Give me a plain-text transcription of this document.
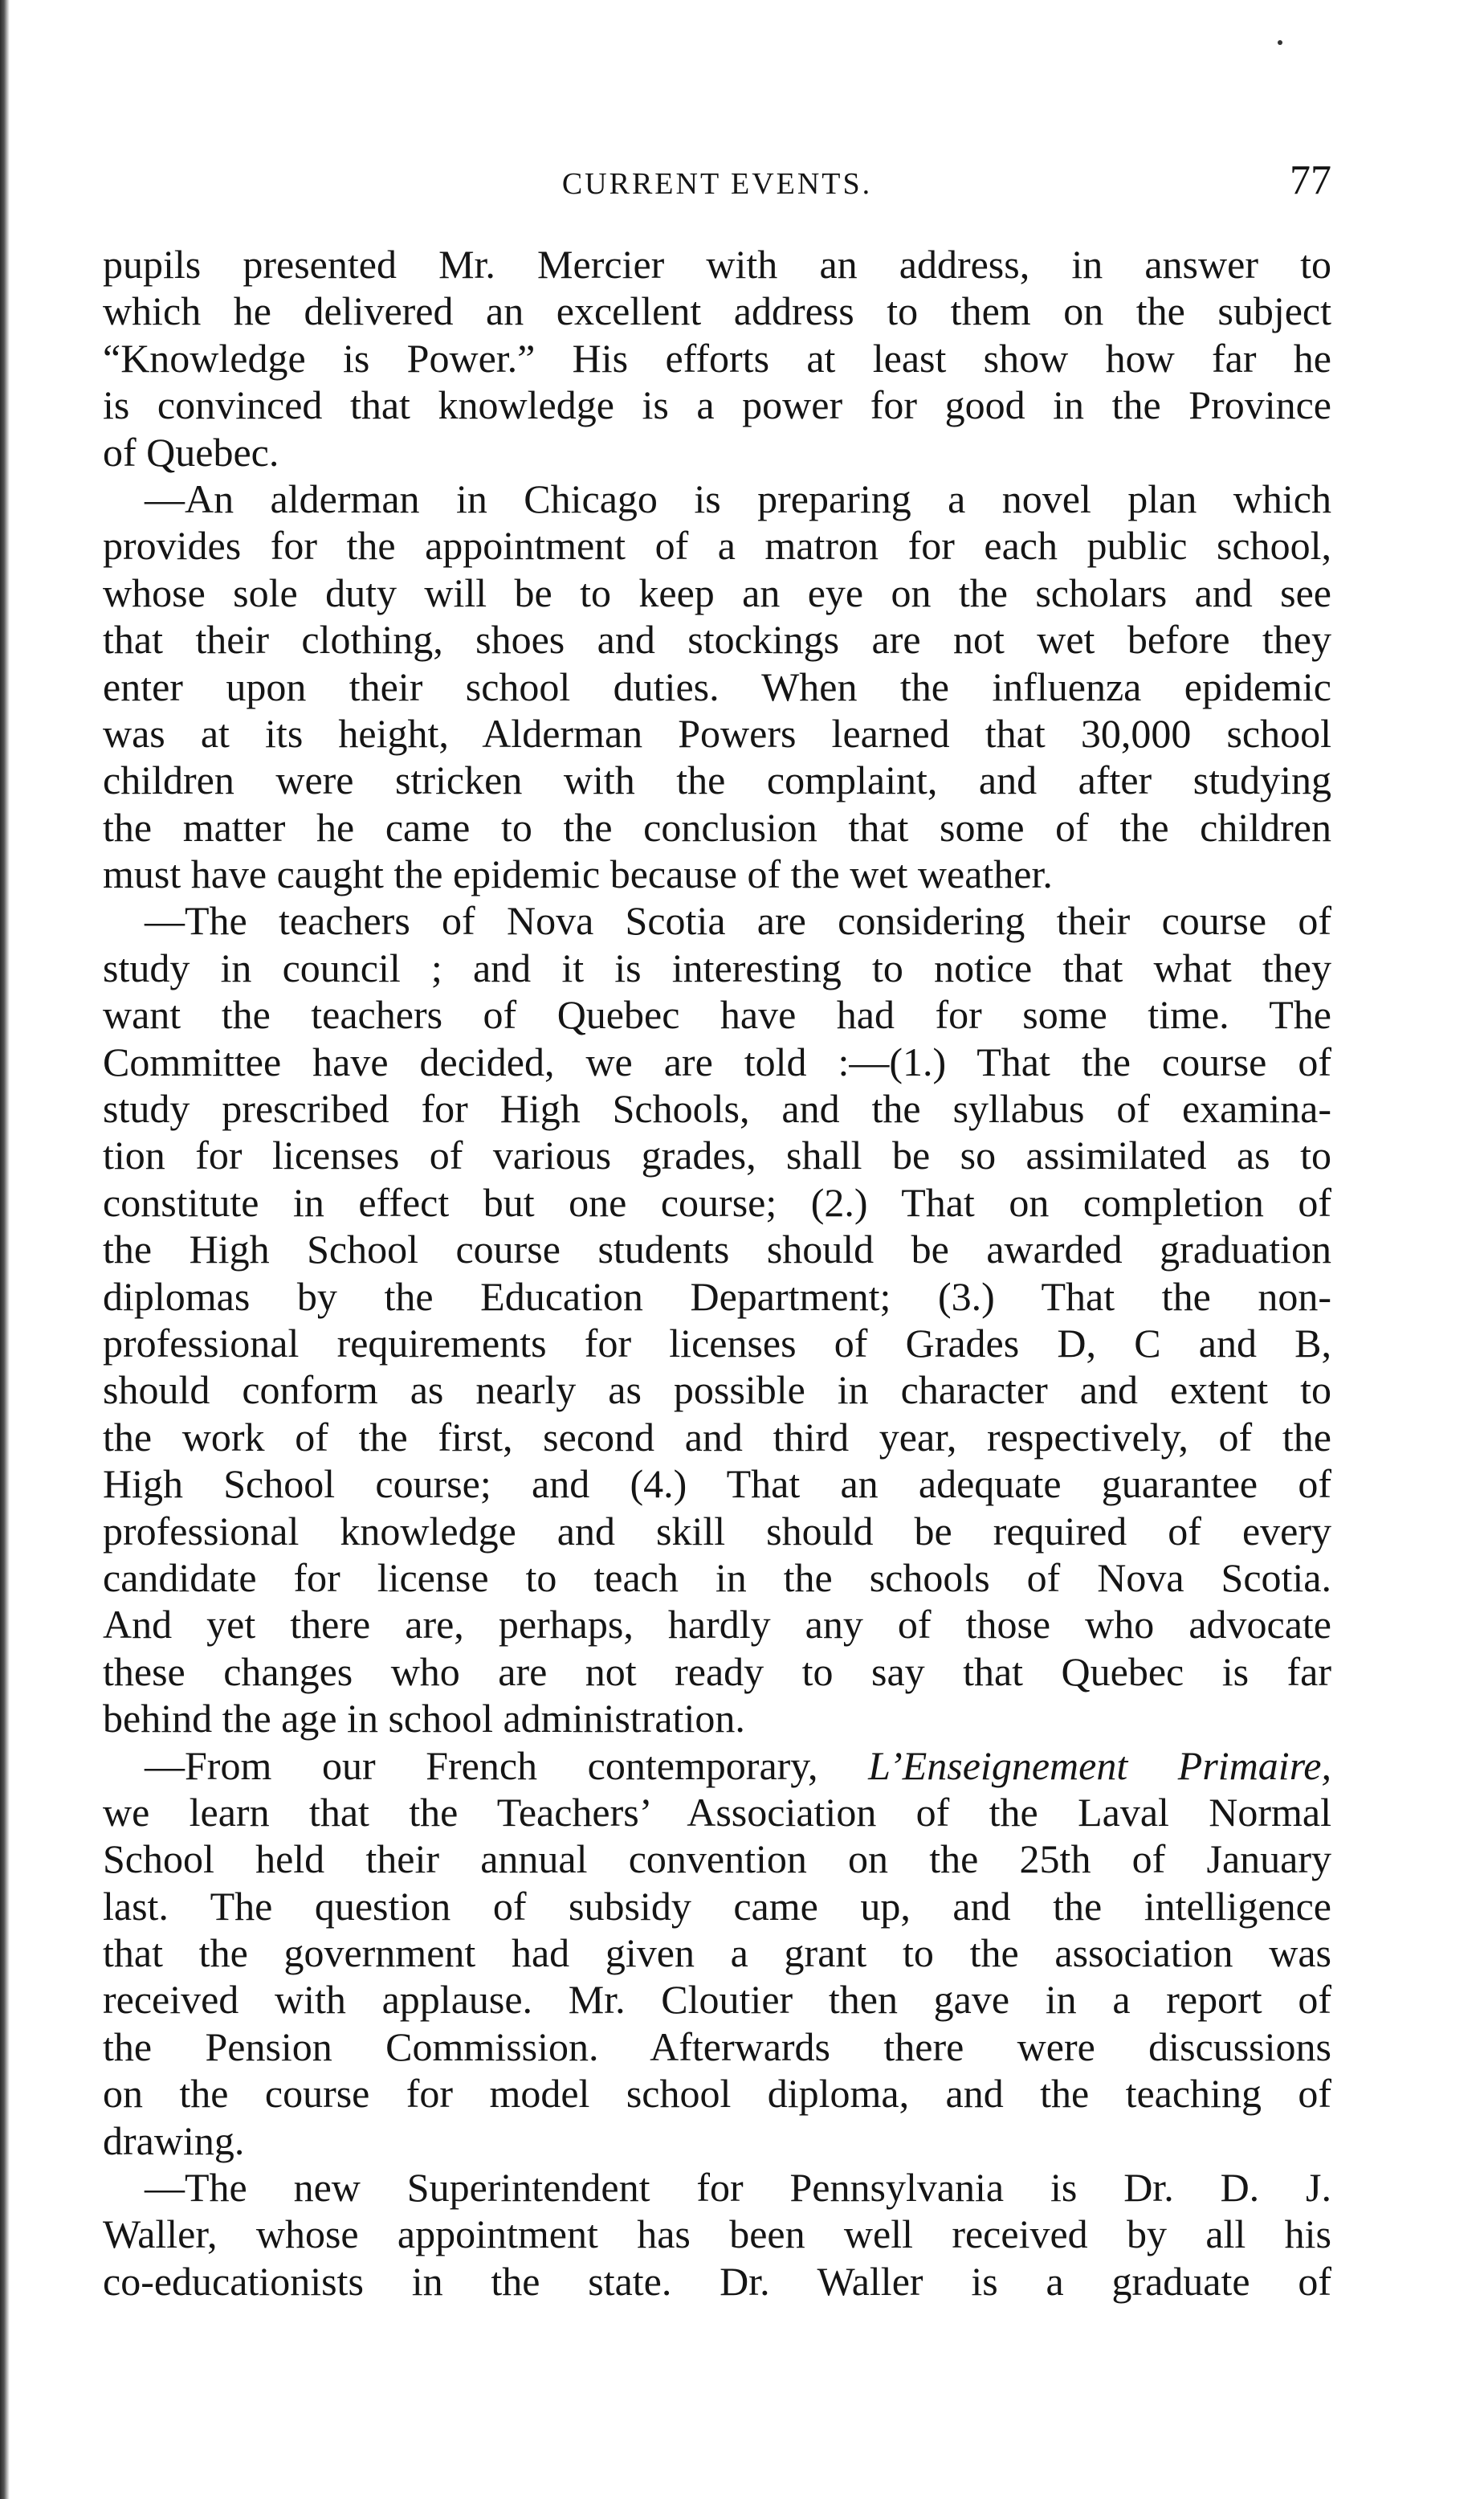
CURRENT EVENTS.	77
pupils presented Mr. Mercier with an address, in answer to
which he delivered an excellent address to them on the subject
“Knowledge is Power.” His efforts at least show how far he
is convinced that knowledge is a power for good in the Province
of Quebec.
—An alderman in Chicago is preparing a novel plan which
provides for the appointment of a matron for each public school,
whose sole duty will be to keep an eye on the scholars and see
that their clothing, shoes and stockings are not wet before they
enter upon their school duties. When the influenza epidemic
was at its height, Alderman Powers learned that 30,000 school
children were stricken with the complaint, and after studying
the matter he came to the conclusion that some of the children
must have caught the epidemic because of the wet weather.
—The teachers of Nova Scotia are considering their course of
study in council ; and it is interesting to notice that what they
want the teachers of Quebec have had for some time. The
Committee have decided, we are told :—(1.) That the course of
study prescribed for High Schools, and the syllabus of examina-
tion for licenses of various grades, shall be so assimilated as to
constitute in effect but one course; (2.) That on completion of
the High School course students should be awarded graduation
diplomas by the Education Department; (3.) That the non-
professional requirements for licenses of Grades D, C and B,
should conform as nearly as possible in character and extent to
the work of the first, second and third year, respectively, of the
High School course; and (4.) That an adequate guarantee of
professional knowledge and skill should be required of every
candidate for license to teach in the schools of Nova Scotia.
And yet there are, perhaps, hardly any of those who advocate
these changes who are not ready to say that Quebec is far
behind the age in school administration.
—From our French contemporary, L’Enseignement Primaire,
we learn that the Teachers’ Association of the Laval Normal
School held their annual convention on the 25th of January
last. The question of subsidy came up, and the intelligence
that the government had given a grant to the association was
received with applause. Mr. Cloutier then gave in a report of
the Pension Commission. Afterwards there were discussions
on the course for model school diploma, and the teaching of
drawing.
—The new Superintendent for Pennsylvania is Dr. D. J.
Waller, whose appointment has been well received by all his
co-educationists in the state. Dr. Waller is a graduate of
